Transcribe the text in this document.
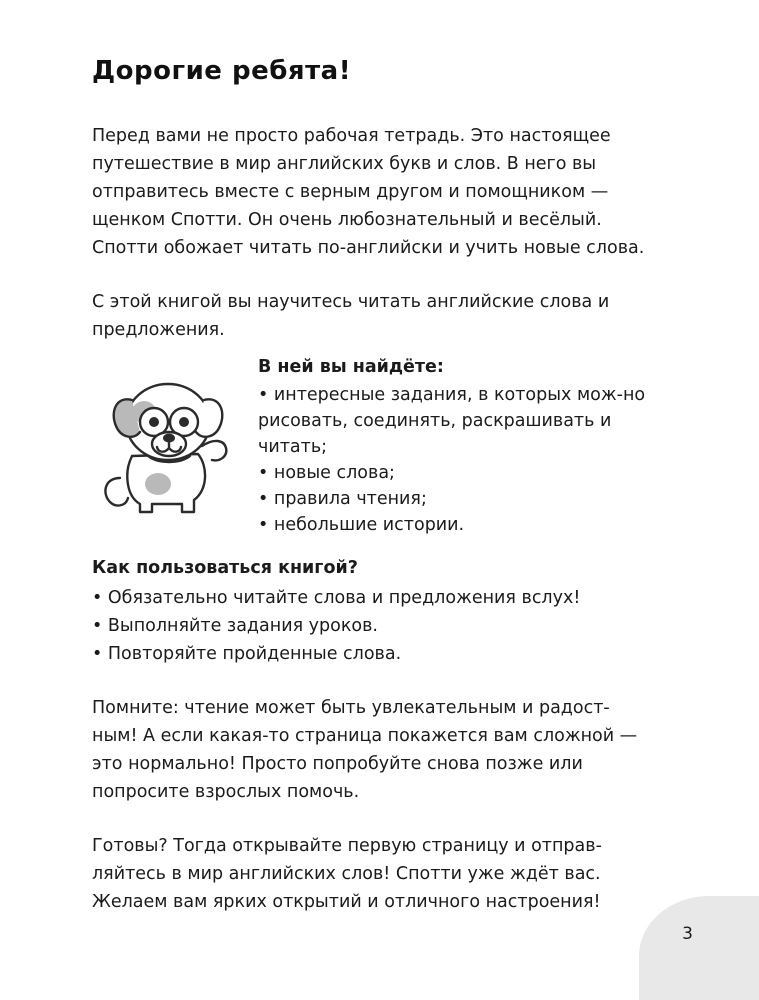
Дорогие ребята!

Перед вами не просто рабочая тетрадь. Это настоящее путешествие в мир английских букв и слов. В него вы отправитесь вместе с верным другом и помощником — щенком Спотти. Он очень любознательный и весёлый. Спотти обожает читать по-английски и учить новые слова.

С этой книгой вы научитесь читать английские слова и предложения.

В ней вы найдёте:
• интересные задания, в которых мож-но рисовать, соединять, раскрашивать и читать;
• новые слова;
• правила чтения;
• небольшие истории.
Как пользоваться книгой?
• Обязательно читайте слова и предложения вслух!
• Выполняйте задания уроков.
• Повторяйте пройденные слова.

Помните: чтение может быть увлекательным и радост-ным! А если какая-то страница покажется вам сложной — это нормально! Просто попробуйте снова позже или попросите взрослых помочь.

Готовы? Тогда открывайте первую страницу и отправ-ляйтесь в мир английских слов! Спотти уже ждёт вас. Желаем вам ярких открытий и отличного настроения!

3
